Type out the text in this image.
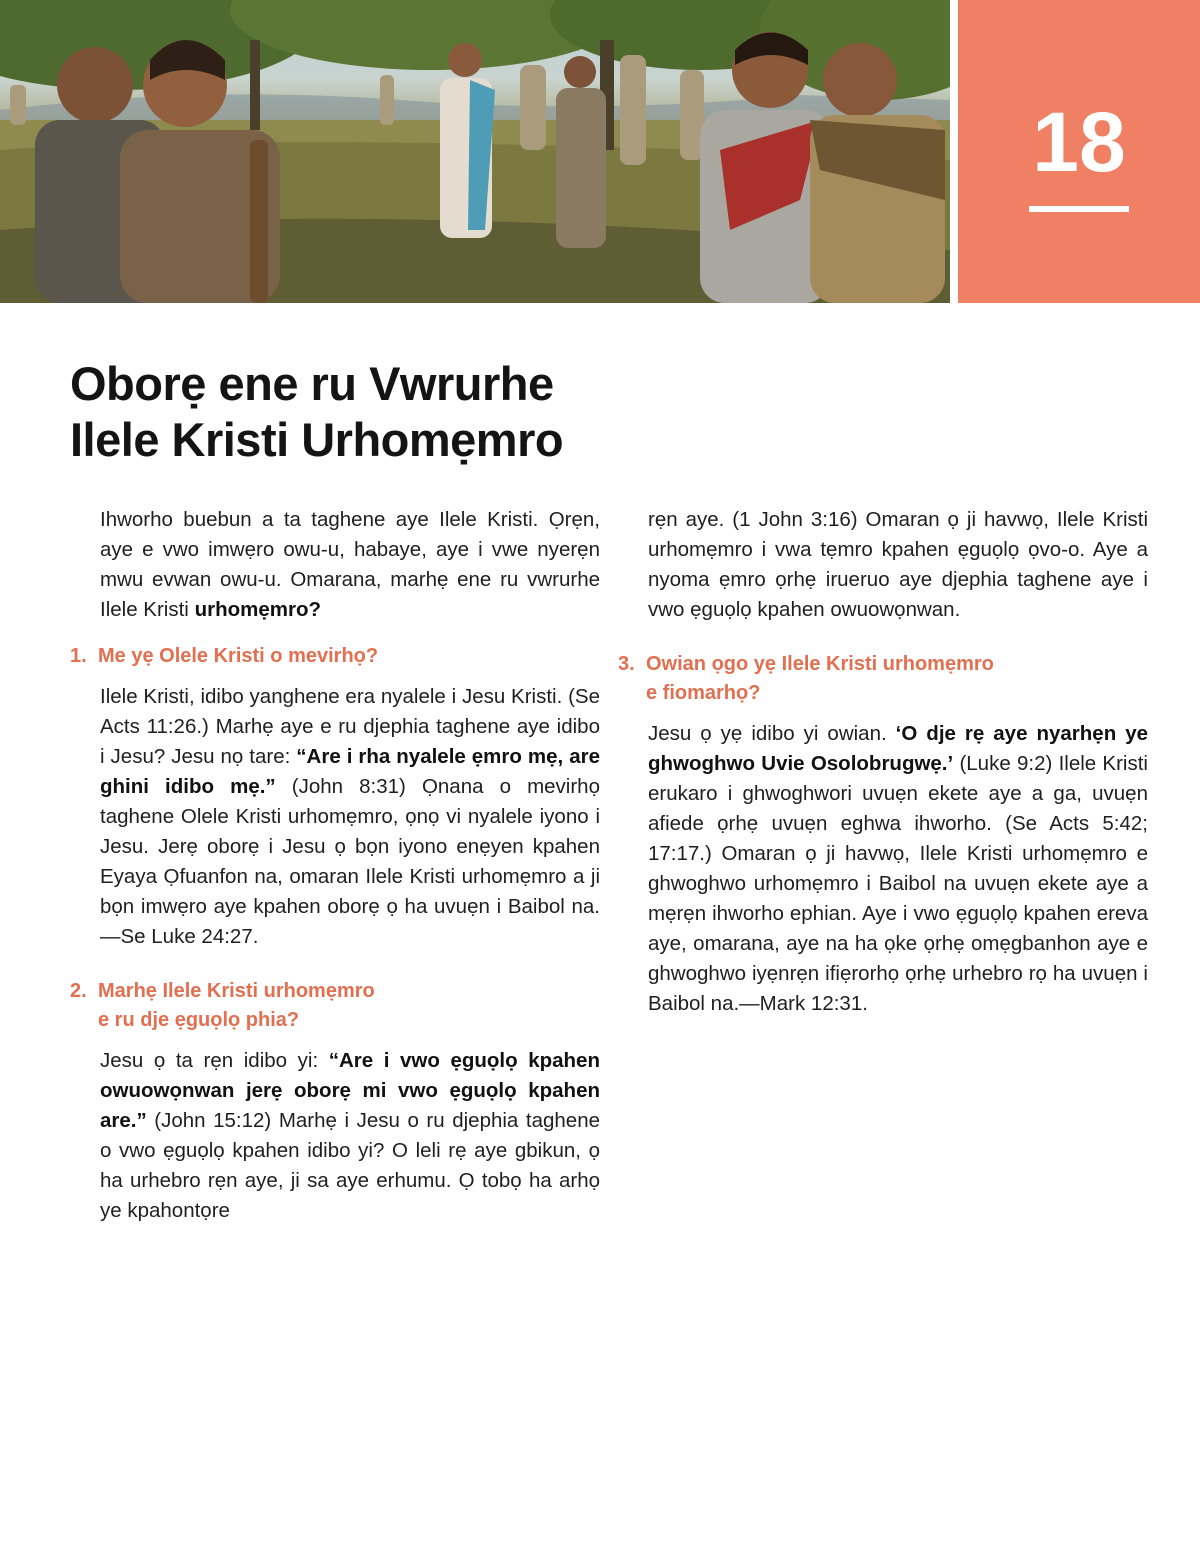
18
Oborẹ ene ru Vwrurhe
Ilele Kristi Urhomẹmro

Ihworho buebun a ta taghene aye Ilele Kristi. Ọrẹn, aye e vwo imwẹro owu-u, habaye, aye i vwe nyerẹn mwu evwan owu-u. Omarana, marhẹ ene ru vwrurhe Ilele Kristi urhomẹmro?

1. Me yẹ Olele Kristi o mevirhọ?

Ilele Kristi, idibo yanghene era nyalele i Jesu Kristi. (Se Acts 11:26.) Marhẹ aye e ru djephia taghene aye idibo i Jesu? Jesu nọ tare: “Are i rha nyalele ẹmro mẹ, are ghini idibo mẹ.” (John 8:31) Ọnana o mevirhọ taghene Olele Kristi urhomẹmro, ọnọ vi nyalele iyono i Jesu. Jerẹ oborẹ i Jesu ọ bọn iyono enẹyen kpahen Eyaya Ọfuanfon na, omaran Ilele Kristi urhomẹmro a ji bọn imwẹro aye kpahen oborẹ ọ ha uvuẹn i Baibol na.—Se Luke 24:27.

2. Marhẹ Ilele Kristi urhomẹmro
e ru dje ẹguọlọ phia?

Jesu ọ ta rẹn idibo yi: “Are i vwo ẹguọlọ kpahen owuowọnwan jerẹ oborẹ mi vwo ẹguọlọ kpahen are.” (John 15:12) Marhẹ i Jesu o ru djephia taghene o vwo ẹguọlọ kpahen idibo yi? O leli rẹ aye gbikun, ọ ha urhebro rẹn aye, ji sa aye erhumu. Ọ tobọ ha arhọ ye kpahontọre

rẹn aye. (1 John 3:16) Omaran ọ ji havwọ, Ilele Kristi urhomẹmro i vwa tẹmro kpahen ẹguọlọ ọvo-o. Aye a nyoma ẹmro ọrhẹ irueruo aye djephia taghene aye i vwo ẹguọlọ kpahen owuowọnwan.

3. Owian ọgo yẹ Ilele Kristi urhomẹmro
e fiomarhọ?

Jesu ọ yẹ idibo yi owian. ‘O dje rẹ aye nyarhẹn ye ghwoghwo Uvie Osolobrugwẹ.’ (Luke 9:2) Ilele Kristi erukaro i ghwoghwori uvuẹn ekete aye a ga, uvuẹn afiede ọrhẹ uvuẹn eghwa ihworho. (Se Acts 5:42; 17:17.) Omaran ọ ji havwọ, Ilele Kristi urhomẹmro e ghwoghwo urhomẹmro i Baibol na uvuẹn ekete aye a mẹrẹn ihworho ephian. Aye i vwo ẹguọlọ kpahen ereva aye, omarana, aye na ha ọke ọrhẹ omẹgbanhon aye e ghwoghwo iyẹnrẹn ifiẹrorhọ ọrhẹ urhebro rọ ha uvuẹn i Baibol na.—Mark 12:31.
